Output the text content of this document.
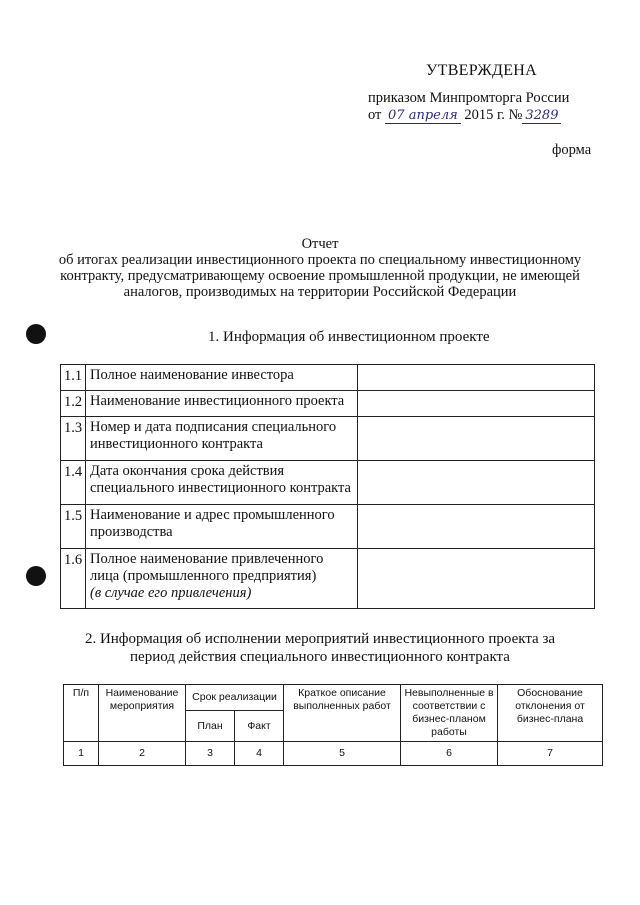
УТВЕРЖДЕНА
приказом Минпромторга России
от 07 апреля 2015 г. № 3289
форма
Отчет
об итогах реализации инвестиционного проекта по специальному инвестиционному
контракту, предусматривающему освоение промышленной продукции, не имеющей
аналогов, производимых на территории Российской Федерации
1. Информация об инвестиционном проекте
1.1	Полное наименование инвестора	
1.2	Наименование инвестиционного проекта	
1.3	Номер и дата подписания специального инвестиционного контракта	
1.4	Дата окончания срока действия специального инвестиционного контракта	
1.5	Наименование и адрес промышленного производства	
1.6	Полное наименование привлеченного лица (промышленного предприятия)
(в случае его привлечения)	
2. Информация об исполнении мероприятий инвестиционного проекта за
период действия специального инвестиционного контракта
П/п	Наименование мероприятия	Срок реализации		Краткое описание выполненных работ	Невыполненные в соответствии с бизнес-планом работы	Обоснование отклонения от бизнес-плана
		План	Факт			
1	2	3	4	5	6	7
